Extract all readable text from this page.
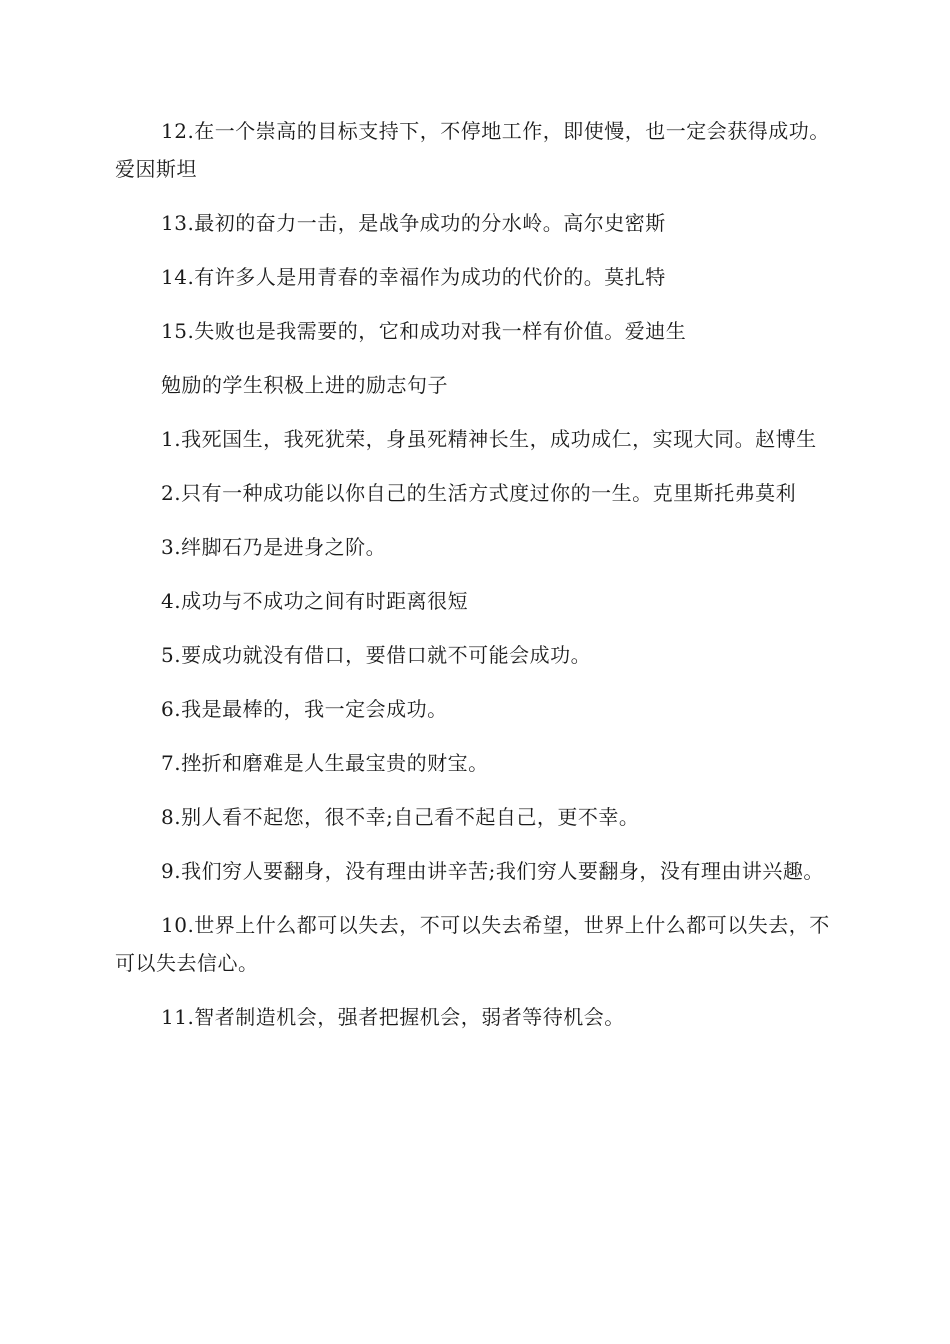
12.在一个崇高的目标支持下，不停地工作，即使慢，也一定会获得成功。爱因斯坦

13.最初的奋力一击，是战争成功的分水岭。高尔史密斯

14.有许多人是用青春的幸福作为成功的代价的。莫扎特

15.失败也是我需要的，它和成功对我一样有价值。爱迪生

勉励的学生积极上进的励志句子

1.我死国生，我死犹荣，身虽死精神长生，成功成仁，实现大同。赵博生

2.只有一种成功能以你自己的生活方式度过你的一生。克里斯托弗莫利

3.绊脚石乃是进身之阶。

4.成功与不成功之间有时距离很短

5.要成功就没有借口，要借口就不可能会成功。

6.我是最棒的，我一定会成功。

7.挫折和磨难是人生最宝贵的财宝。

8.别人看不起您，很不幸;自己看不起自己，更不幸。

9.我们穷人要翻身，没有理由讲辛苦;我们穷人要翻身，没有理由讲兴趣。

10.世界上什么都可以失去，不可以失去希望，世界上什么都可以失去，不可以失去信心。

11.智者制造机会，强者把握机会，弱者等待机会。
